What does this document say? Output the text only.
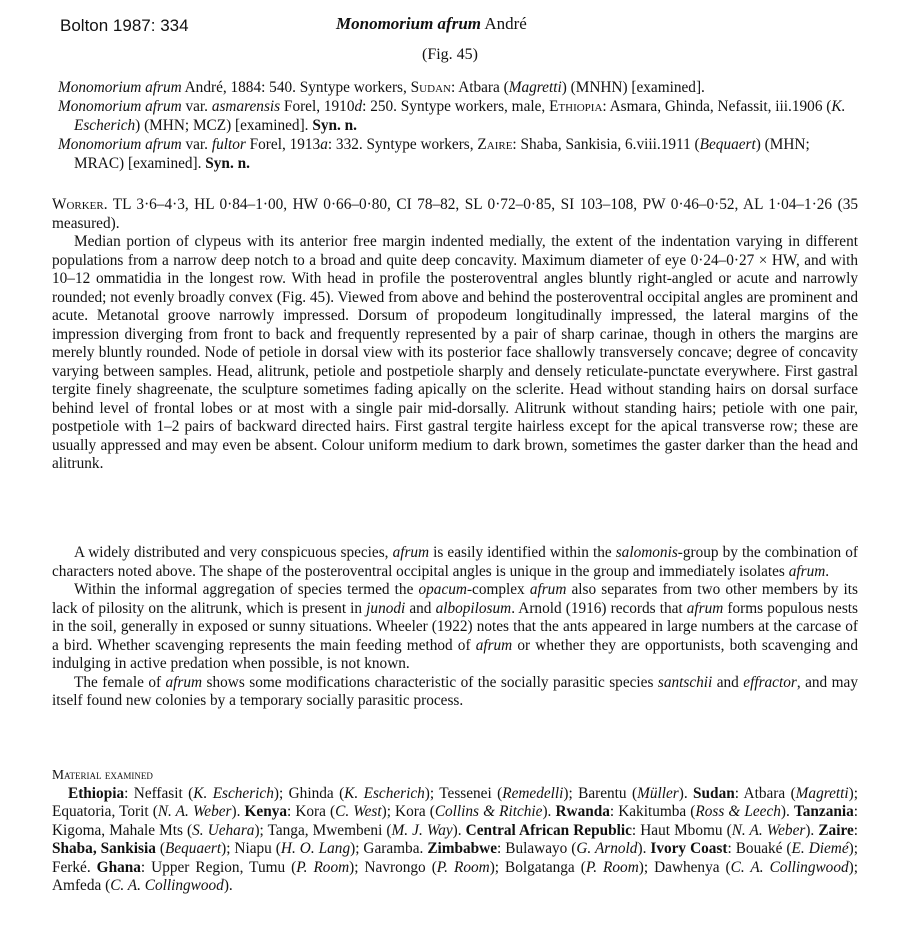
Bolton 1987: 334	Monomorium afrum André
(Fig. 45)

Monomorium afrum André, 1884: 540. Syntype workers, Sudan: Atbara (Magretti) (MNHN) [examined].

Monomorium afrum var. asmarensis Forel, 1910d: 250. Syntype workers, male, Ethiopia: Asmara, Ghinda, Nefassit, iii.1906 (K. Escherich) (MHN; MCZ) [examined]. Syn. n.

Monomorium afrum var. fultor Forel, 1913a: 332. Syntype workers, Zaire: Shaba, Sankisia, 6.viii.1911 (Bequaert) (MHN; MRAC) [examined]. Syn. n.

Worker. TL 3·6–4·3, HL 0·84–1·00, HW 0·66–0·80, CI 78–82, SL 0·72–0·85, SI 103–108, PW 0·46–0·52, AL 1·04–1·26 (35 measured).

Median portion of clypeus with its anterior free margin indented medially, the extent of the indentation varying in different populations from a narrow deep notch to a broad and quite deep concavity. Maximum diameter of eye 0·24–0·27 × HW, and with 10–12 ommatidia in the longest row. With head in profile the posteroventral angles bluntly right-angled or acute and narrowly rounded; not evenly broadly convex (Fig. 45). Viewed from above and behind the posteroventral occipital angles are prominent and acute. Metanotal groove narrowly impressed. Dorsum of propodeum longitudinally impressed, the lateral margins of the impression diverging from front to back and frequently represented by a pair of sharp carinae, though in others the margins are merely bluntly rounded. Node of petiole in dorsal view with its posterior face shallowly transversely concave; degree of concavity varying between samples. Head, alitrunk, petiole and postpetiole sharply and densely reticulate-punctate everywhere. First gastral tergite finely shagreenate, the sculpture sometimes fading apically on the sclerite. Head without standing hairs on dorsal surface behind level of frontal lobes or at most with a single pair mid-dorsally. Alitrunk without standing hairs; petiole with one pair, postpetiole with 1–2 pairs of backward directed hairs. First gastral tergite hairless except for the apical transverse row; these are usually appressed and may even be absent. Colour uniform medium to dark brown, sometimes the gaster darker than the head and alitrunk.

A widely distributed and very conspicuous species, afrum is easily identified within the salomonis-group by the combination of characters noted above. The shape of the posteroventral occipital angles is unique in the group and immediately isolates afrum.

Within the informal aggregation of species termed the opacum-complex afrum also separates from two other members by its lack of pilosity on the alitrunk, which is present in junodi and albopilosum. Arnold (1916) records that afrum forms populous nests in the soil, generally in exposed or sunny situations. Wheeler (1922) notes that the ants appeared in large numbers at the carcase of a bird. Whether scavenging represents the main feeding method of afrum or whether they are opportunists, both scavenging and indulging in active predation when possible, is not known.

The female of afrum shows some modifications characteristic of the socially parasitic species santschii and effractor, and may itself found new colonies by a temporary socially parasitic process.

Material examined

Ethiopia: Neffasit (K. Escherich); Ghinda (K. Escherich); Tessenei (Remedelli); Barentu (Müller). Sudan: Atbara (Magretti); Equatoria, Torit (N. A. Weber). Kenya: Kora (C. West); Kora (Collins & Ritchie). Rwanda: Kakitumba (Ross & Leech). Tanzania: Kigoma, Mahale Mts (S. Uehara); Tanga, Mwembeni (M. J. Way). Central African Republic: Haut Mbomu (N. A. Weber). Zaire: Shaba, Sankisia (Bequaert); Niapu (H. O. Lang); Garamba. Zimbabwe: Bulawayo (G. Arnold). Ivory Coast: Bouaké (E. Diemé); Ferké. Ghana: Upper Region, Tumu (P. Room); Navrongo (P. Room); Bolgatanga (P. Room); Dawhenya (C. A. Collingwood); Amfeda (C. A. Collingwood).
